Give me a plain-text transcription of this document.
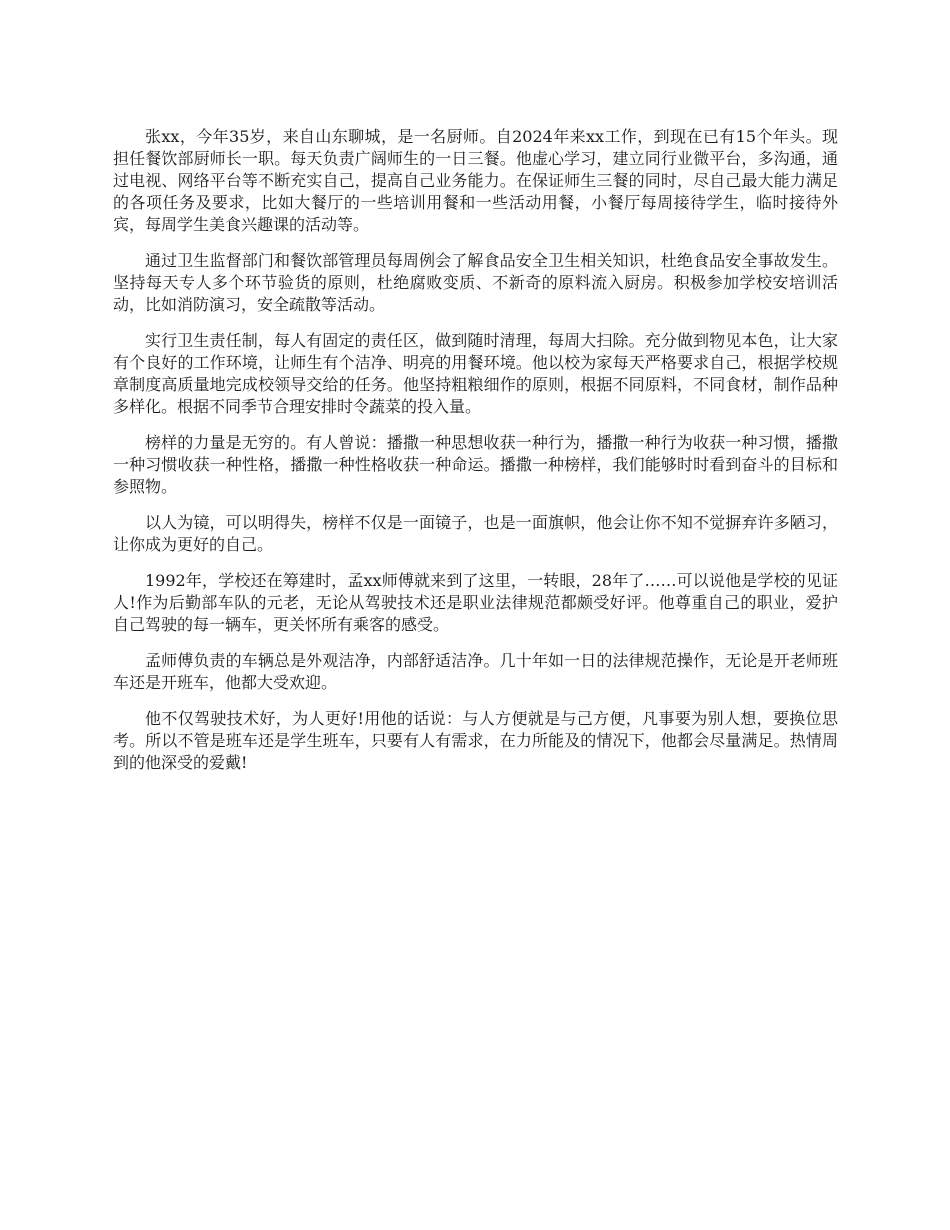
张xx，今年35岁，来自山东聊城，是一名厨师。自2024年来xx工作，到现在已有15个年头。现担任餐饮部厨师长一职。每天负责广阔师生的一日三餐。他虚心学习，建立同行业微平台，多沟通，通过电视、网络平台等不断充实自己，提高自己业务能力。在保证师生三餐的同时，尽自己最大能力满足的各项任务及要求，比如大餐厅的一些培训用餐和一些活动用餐，小餐厅每周接待学生，临时接待外宾，每周学生美食兴趣课的活动等。

通过卫生监督部门和餐饮部管理员每周例会了解食品安全卫生相关知识，杜绝食品安全事故发生。坚持每天专人多个环节验货的原则，杜绝腐败变质、不新奇的原料流入厨房。积极参加学校安培训活动，比如消防演习，安全疏散等活动。

实行卫生责任制，每人有固定的责任区，做到随时清理，每周大扫除。充分做到物见本色，让大家有个良好的工作环境，让师生有个洁净、明亮的用餐环境。他以校为家每天严格要求自己，根据学校规章制度高质量地完成校领导交给的任务。他坚持粗粮细作的原则，根据不同原料，不同食材，制作品种多样化。根据不同季节合理安排时令蔬菜的投入量。

榜样的力量是无穷的。有人曾说：播撒一种思想收获一种行为，播撒一种行为收获一种习惯，播撒一种习惯收获一种性格，播撒一种性格收获一种命运。播撒一种榜样，我们能够时时看到奋斗的目标和参照物。

以人为镜，可以明得失，榜样不仅是一面镜子，也是一面旗帜，他会让你不知不觉摒弃许多陋习，让你成为更好的自己。

1992年，学校还在筹建时，孟xx师傅就来到了这里，一转眼，28年了……可以说他是学校的见证人!作为后勤部车队的元老，无论从驾驶技术还是职业法律规范都颇受好评。他尊重自己的职业，爱护自己驾驶的每一辆车，更关怀所有乘客的感受。

孟师傅负责的车辆总是外观洁净，内部舒适洁净。几十年如一日的法律规范操作，无论是开老师班车还是开班车，他都大受欢迎。

他不仅驾驶技术好，为人更好!用他的话说：与人方便就是与己方便，凡事要为别人想，要换位思考。所以不管是班车还是学生班车，只要有人有需求，在力所能及的情况下，他都会尽量满足。热情周到的他深受的爱戴!
